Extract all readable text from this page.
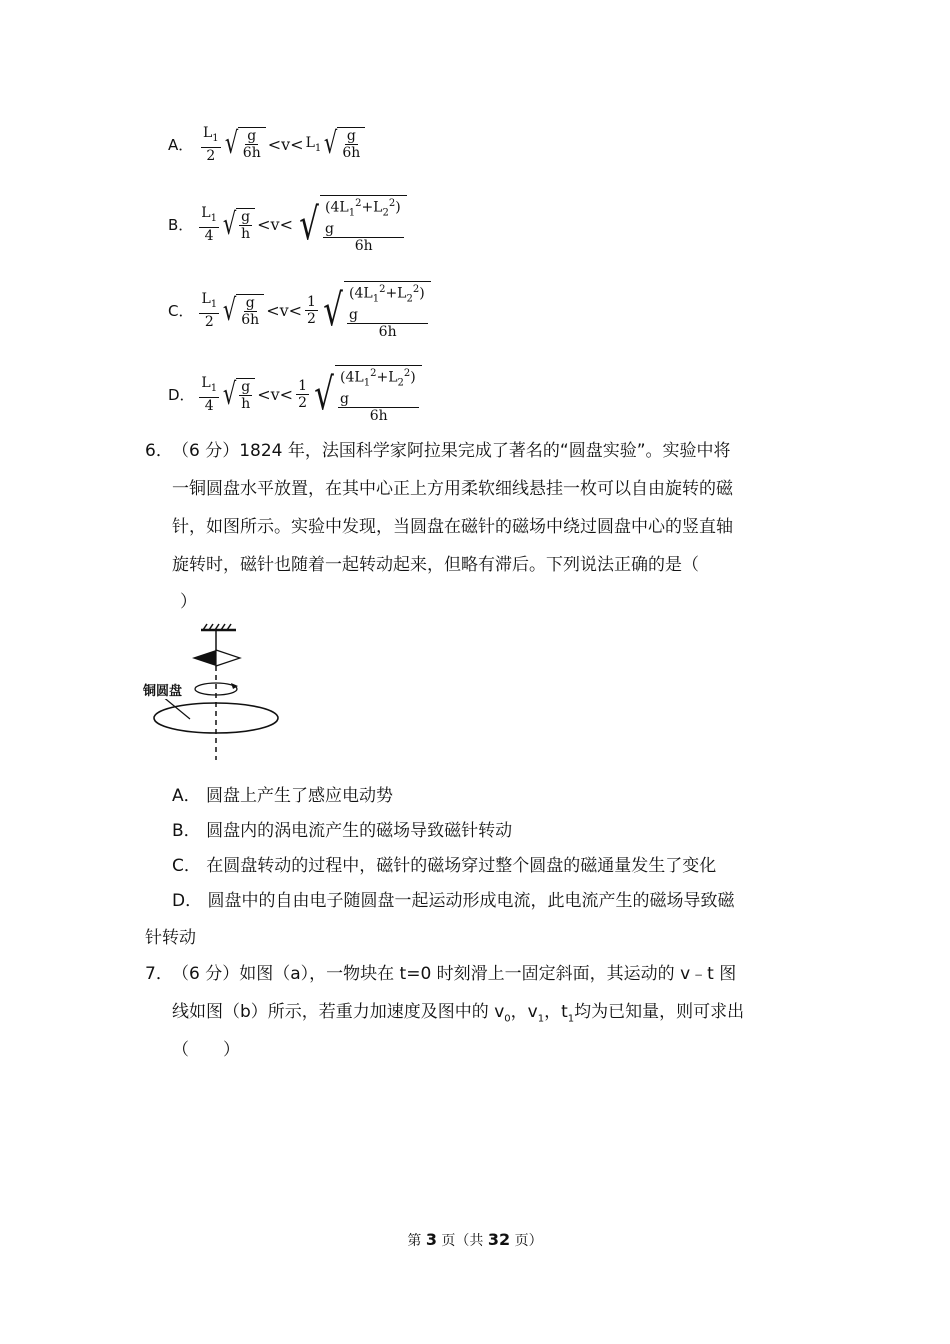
A． $\frac{L_1}{2}$ √ $\frac{g}{6h} <v< L_1$ √ $\frac{g}{6h}$
B． $\frac{L_1}{4}$ √ $\frac{g}{h} <v<$ √ $\frac{(4L_1^2+L_2^2) g}{6h}$
C． $\frac{L_1}{2}$ √ $\frac{g}{6h} <v< \frac{1}{2}$ √ $\frac{(4L_1^2+L_2^2) g}{6h}$
D． $\frac{L_1}{4}$ √ $\frac{g}{h} <v< \frac{1}{2}$ √ $\frac{(4L_1^2+L_2^2) g}{6h}$
6． （6 分）1824 年，法国科学家阿拉果完成了著名的“圆盘实验”。实验中将
一铜圆盘水平放置，在其中心正上方用柔软细线悬挂一枚可以自由旋转的磁
针，如图所示。实验中发现，当圆盘在磁针的磁场中绕过圆盘中心的竖直轴
旋转时，磁针也随着一起转动起来，但略有滞后。下列说法正确的是（
）
铜圆盘
A． 圆盘上产生了感应电动势
B． 圆盘内的涡电流产生的磁场导致磁针转动
C． 在圆盘转动的过程中，磁针的磁场穿过整个圆盘的磁通量发生了变化
D． 圆盘中的自由电子随圆盘一起运动形成电流，此电流产生的磁场导致磁
针转动
7． （6 分）如图（a），一物块在 t=0 时刻滑上一固定斜面，其运动的 v﹣t 图
线如图（b）所示，若重力加速度及图中的 $v_0$，$v_1$，$t_1$均为已知量，则可求出
（　　）
第 3 页（共 32 页）
